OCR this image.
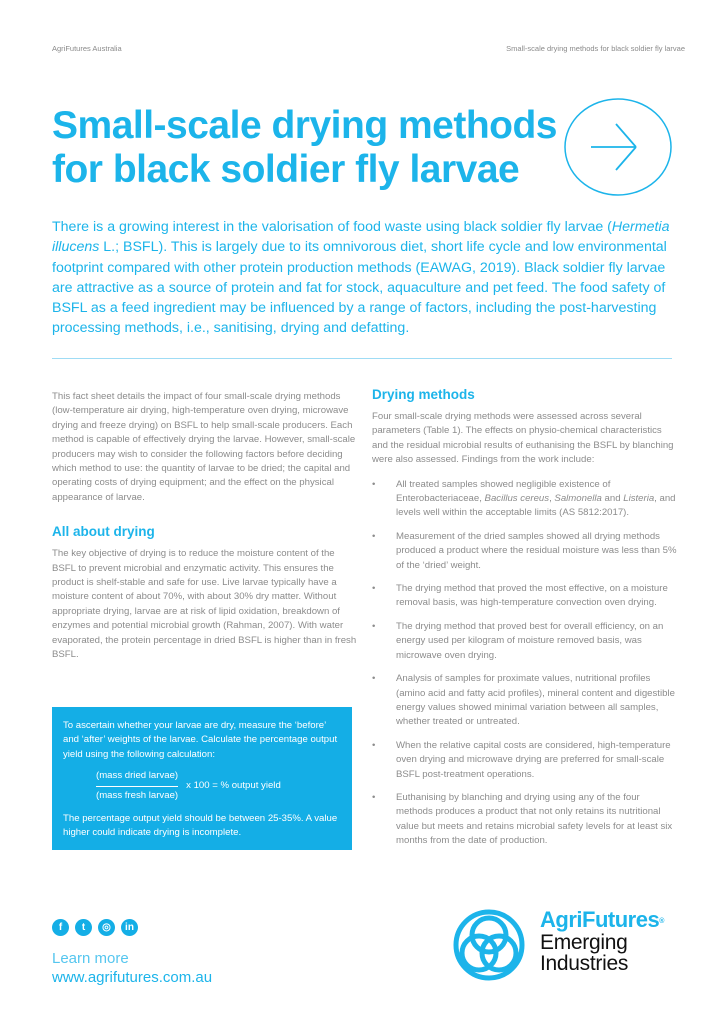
AgriFutures Australia	Small-scale drying methods for black soldier fly larvae
Small-scale drying methods
for black soldier fly larvae

There is a growing interest in the valorisation of food waste using black soldier fly larvae (Hermetia illucens L.; BSFL). This is largely due to its omnivorous diet, short life cycle and low environmental footprint compared with other protein production methods (EAWAG, 2019). Black soldier fly larvae are attractive as a source of protein and fat for stock, aquaculture and pet feed. The food safety of BSFL as a feed ingredient may be influenced by a range of factors, including the post-harvesting processing methods, i.e., sanitising, drying and defatting.

This fact sheet details the impact of four small-scale drying methods (low-temperature air drying, high-temperature oven drying, microwave drying and freeze drying) on BSFL to help small-scale producers. Each method is capable of effectively drying the larvae. However, small-scale producers may wish to consider the following factors before deciding which method to use: the quantity of larvae to be dried; the capital and operating costs of drying equipment; and the effect on the physical appearance of larvae.

All about drying

The key objective of drying is to reduce the moisture content of the BSFL to prevent microbial and enzymatic activity. This ensures the product is shelf-stable and safe for use. Live larvae typically have a moisture content of about 70%, with about 30% dry matter. Without appropriate drying, larvae are at risk of lipid oxidation, breakdown of enzymes and potential microbial growth (Rahman, 2007). With water evaporated, the protein percentage in dried BSFL is higher than in fresh BSFL.

To ascertain whether your larvae are dry, measure the ‘before’ and ‘after’ weights of the larvae. Calculate the percentage output yield using the following calculation:

$\frac{\text{(mass dried larvae)}}{\text{(mass fresh larvae)}}$ x 100 = % output yield

The percentage output yield should be between 25-35%. A value higher could indicate drying is incomplete.

Drying methods

Four small-scale drying methods were assessed across several parameters (Table 1). The effects on physio-chemical characteristics and the residual microbial results of euthanising the BSFL by blanching were also assessed. Findings from the work include:

• All treated samples showed negligible existence of Enterobacteriaceae, Bacillus cereus, Salmonella and Listeria, and levels well within the acceptable limits (AS 5812:2017).
• Measurement of the dried samples showed all drying methods produced a product where the residual moisture was less than 5% of the ‘dried’ weight.
• The drying method that proved the most effective, on a moisture removal basis, was high-temperature convection oven drying.
• The drying method that proved best for overall efficiency, on an energy used per kilogram of moisture removed basis, was microwave oven drying.
• Analysis of samples for proximate values, nutritional profiles (amino acid and fatty acid profiles), mineral content and digestible energy values showed minimal variation between all samples, whether treated or untreated.
• When the relative capital costs are considered, high-temperature oven drying and microwave drying are preferred for small-scale BSFL post-treatment operations.
• Euthanising by blanching and drying using any of the four methods produces a product that not only retains its nutritional value but meets and retains microbial safety levels for at least six months from the date of production.
f	t	◎	in
Learn more
www.agrifutures.com.au
AgriFutures®
Emerging
Industries
